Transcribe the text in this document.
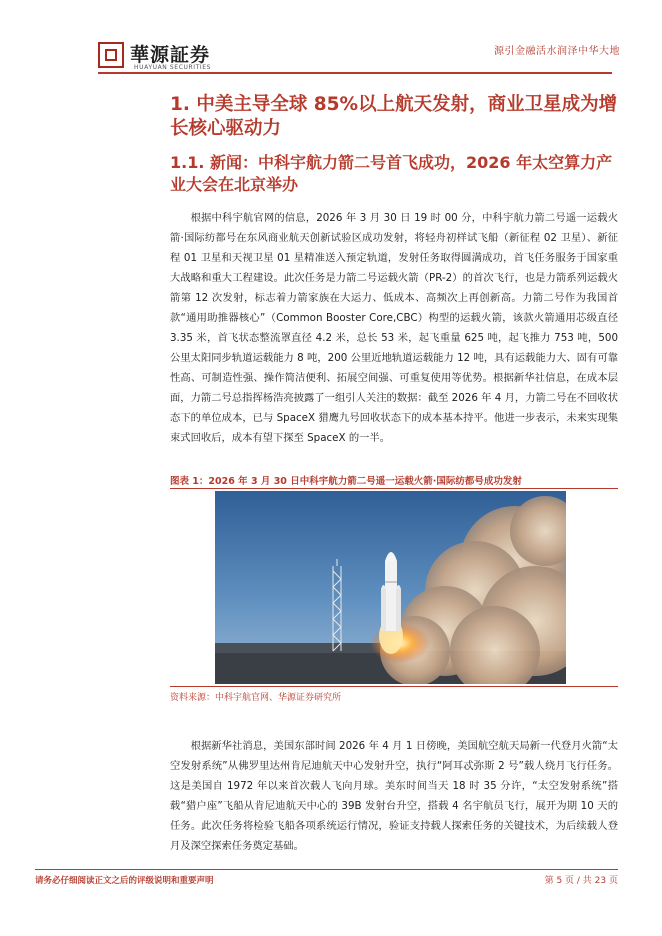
華源証券
HUAYUAN SECURITIES
源引金融活水润泽中华大地
1. 中美主导全球 85%以上航天发射，商业卫星成为增长核心驱动力
1.1. 新闻：中科宇航力箭二号首飞成功，2026 年太空算力产业大会在北京举办
根据中科宇航官网的信息，2026 年 3 月 30 日 19 时 00 分，中科宇航力箭二号遥一运载火箭·国际纺都号在东风商业航天创新试验区成功发射，将轻舟初样试飞船（新征程 02 卫星）、新征程 01 卫星和天视卫星 01 星精准送入预定轨道，发射任务取得圆满成功，首飞任务服务于国家重大战略和重大工程建设。此次任务是力箭二号运载火箭（PR-2）的首次飞行，也是力箭系列运载火箭第 12 次发射，标志着力箭家族在大运力、低成本、高频次上再创新高。力箭二号作为我国首款“通用助推器核心”（Common Booster Core,CBC）构型的运载火箭，该款火箭通用芯级直径 3.35 米，首飞状态整流罩直径 4.2 米，总长 53 米，起飞重量 625 吨，起飞推力 753 吨，500 公里太阳同步轨道运载能力 8 吨，200 公里近地轨道运载能力 12 吨，具有运载能力大、固有可靠性高、可制造性强、操作简洁便利、拓展空间强、可重复使用等优势。根据新华社信息，在成本层面，力箭二号总指挥杨浩亮披露了一组引人关注的数据：截至 2026 年 4 月，力箭二号在不回收状态下的单位成本，已与 SpaceX 猎鹰九号回收状态下的成本基本持平。他进一步表示，未来实现集束式回收后，成本有望下探至 SpaceX 的一半。
图表 1：2026 年 3 月 30 日中科宇航力箭二号遥一运载火箭·国际纺都号成功发射
资料来源：中科宇航官网、华源证券研究所
根据新华社消息，美国东部时间 2026 年 4 月 1 日傍晚，美国航空航天局新一代登月火箭“太空发射系统”从佛罗里达州肯尼迪航天中心发射升空，执行“阿耳忒弥斯 2 号”载人绕月飞行任务。这是美国自 1972 年以来首次载人飞向月球。美东时间当天 18 时 35 分许，“太空发射系统”搭载“猎户座”飞船从肯尼迪航天中心的 39B 发射台升空，搭载 4 名宇航员飞行，展开为期 10 天的任务。此次任务将检验飞船各项系统运行情况，验证支持载人探索任务的关键技术，为后续载人登月及深空探索任务奠定基础。
请务必仔细阅读正文之后的评级说明和重要声明	第 5 页 / 共 23 页
